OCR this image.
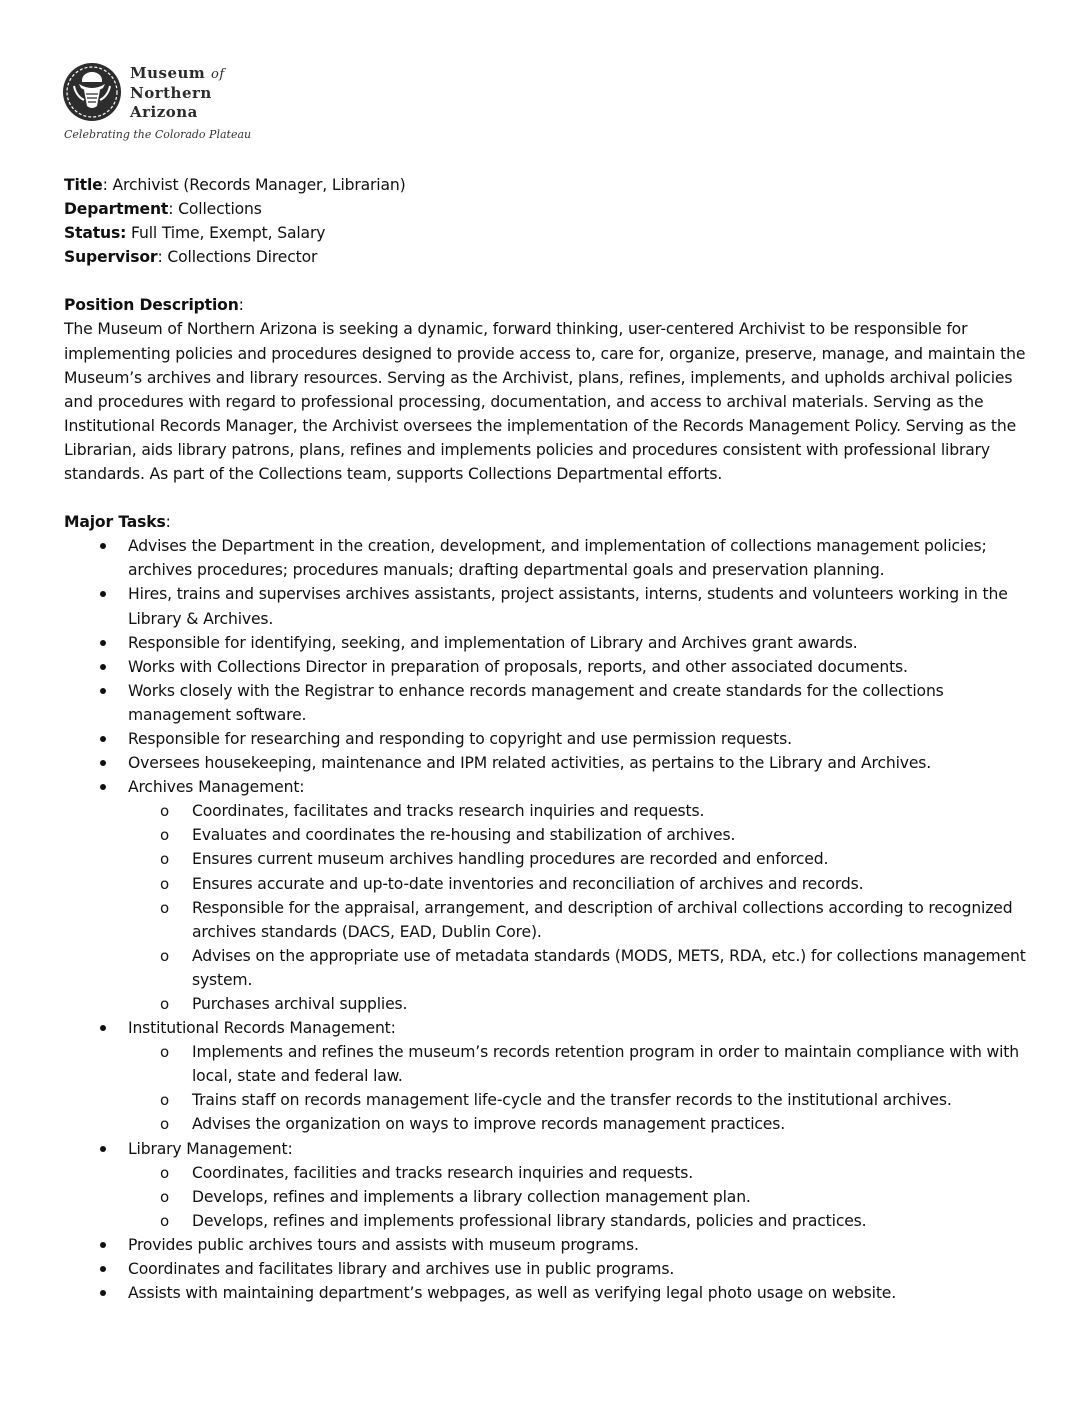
Museum of
Northern
Arizona
Celebrating the Colorado Plateau
Title: Archivist (Records Manager, Librarian)
Department: Collections
Status: Full Time, Exempt, Salary
Supervisor: Collections Director
Position Description:

The Museum of Northern Arizona is seeking a dynamic, forward thinking, user-centered Archivist to be responsible for implementing policies and procedures designed to provide access to, care for, organize, preserve, manage, and maintain the Museum’s archives and library resources. Serving as the Archivist, plans, refines, implements, and upholds archival policies and procedures with regard to professional processing, documentation, and access to archival materials. Serving as the Institutional Records Manager, the Archivist oversees the implementation of the Records Management Policy. Serving as the Librarian, aids library patrons, plans, refines and implements policies and procedures consistent with professional library standards. As part of the Collections team, supports Collections Departmental efforts.

Major Tasks:
Advises the Department in the creation, development, and implementation of collections management policies; archives procedures; procedures manuals; drafting departmental goals and preservation planning.
Hires, trains and supervises archives assistants, project assistants, interns, students and volunteers working in the Library & Archives.
Responsible for identifying, seeking, and implementation of Library and Archives grant awards.
Works with Collections Director in preparation of proposals, reports, and other associated documents.
Works closely with the Registrar to enhance records management and create standards for the collections management software.
Responsible for researching and responding to copyright and use permission requests.
Oversees housekeeping, maintenance and IPM related activities, as pertains to the Library and Archives.
Archives Management:
o Coordinates, facilitates and tracks research inquiries and requests.
o Evaluates and coordinates the re-housing and stabilization of archives.
o Ensures current museum archives handling procedures are recorded and enforced.
o Ensures accurate and up-to-date inventories and reconciliation of archives and records.
o Responsible for the appraisal, arrangement, and description of archival collections according to recognized archives standards (DACS, EAD, Dublin Core).
o Advises on the appropriate use of metadata standards (MODS, METS, RDA, etc.) for collections management system.
o Purchases archival supplies.
Institutional Records Management:
o Implements and refines the museum’s records retention program in order to maintain compliance with with local, state and federal law.
o Trains staff on records management life-cycle and the transfer records to the institutional archives.
o Advises the organization on ways to improve records management practices.
Library Management:
o Coordinates, facilities and tracks research inquiries and requests.
o Develops, refines and implements a library collection management plan.
o Develops, refines and implements professional library standards, policies and practices.
Provides public archives tours and assists with museum programs.
Coordinates and facilitates library and archives use in public programs.
Assists with maintaining department’s webpages, as well as verifying legal photo usage on website.
